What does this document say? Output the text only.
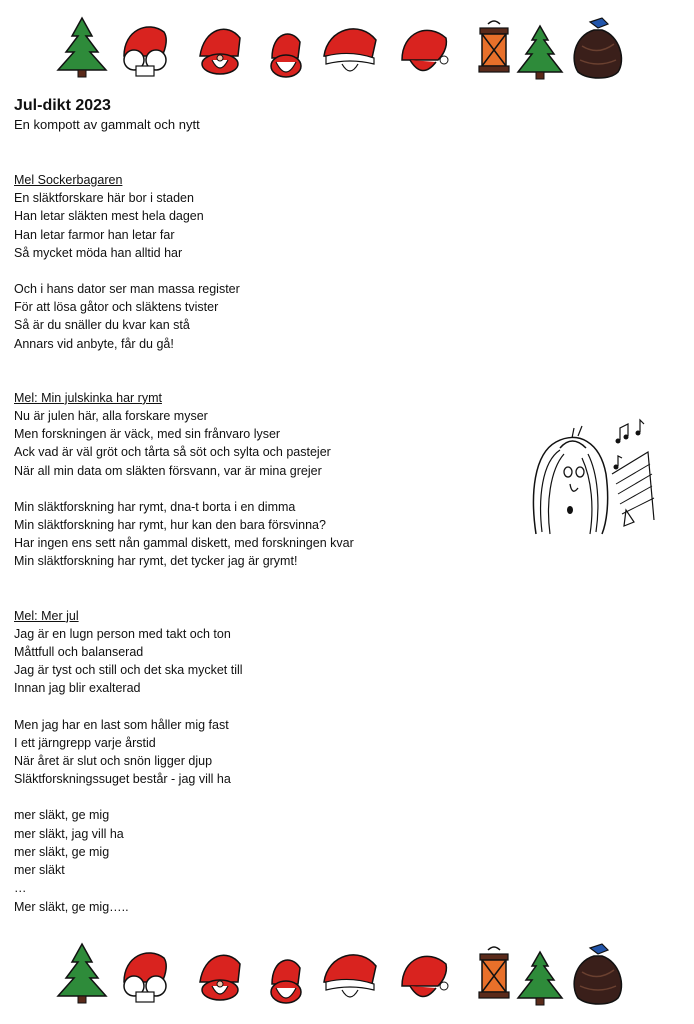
Jul-dikt 2023

En kompott av gammalt och nytt

Mel Sockerbagaren

En släktforskare här bor i staden

Han letar släkten mest hela dagen

Han letar farmor han letar far

Så mycket möda han alltid har

Och i hans dator ser man massa register

För att lösa gåtor och släktens tvister

Så är du snäller du kvar kan stå

Annars vid anbyte, får du gå!

Mel: Min julskinka har rymt

Nu är julen här, alla forskare myser

Men forskningen är väck, med sin frånvaro lyser

Ack vad är väl gröt och tårta så söt och sylta och pastejer

När all min data om släkten försvann, var är mina grejer

Min släktforskning har rymt, dna-t borta i en dimma

Min släktforskning har rymt, hur kan den bara försvinna?

Har ingen ens sett nån gammal diskett, med forskningen kvar

Min släktforskning har rymt, det tycker jag är grymt!

Mel: Mer jul

Jag är en lugn person med takt och ton

Måttfull och balanserad

Jag är tyst och still och det ska mycket till

Innan jag blir exalterad

Men jag har en last som håller mig fast

I ett järngrepp varje årstid

När året är slut och snön ligger djup

Släktforskningssuget består - jag vill ha

mer släkt, ge mig

mer släkt, jag vill ha

mer släkt, ge mig

mer släkt

…

Mer släkt, ge mig…..
